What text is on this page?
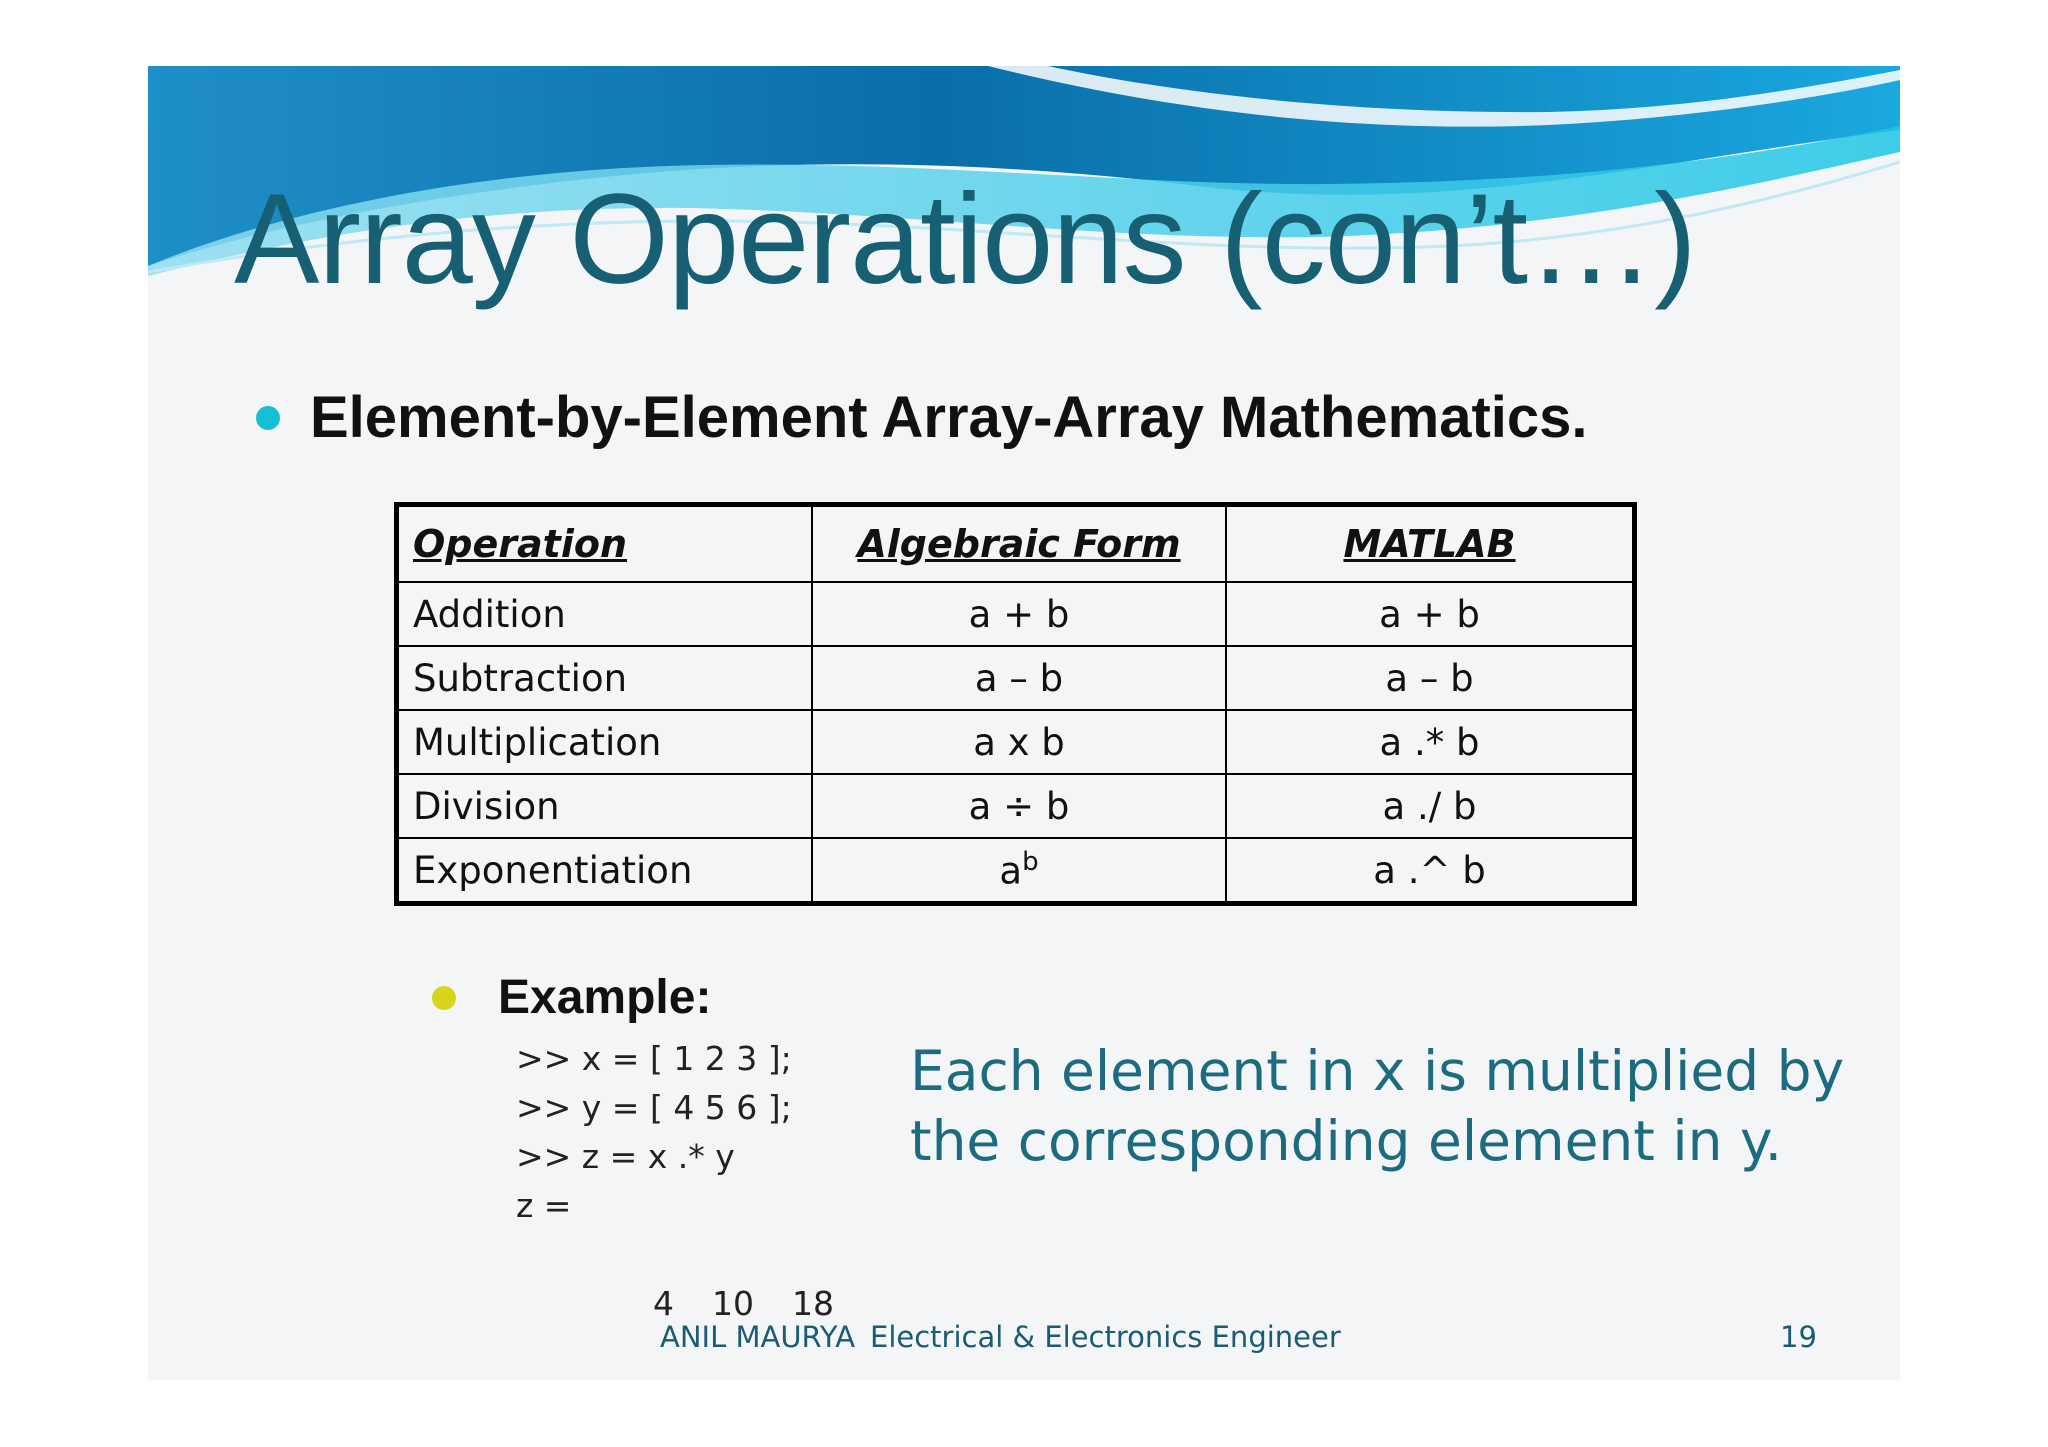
Array Operations (con’t…)
Element-by-Element Array-Array Mathematics.
Operation	Algebraic Form	MATLAB
Addition	a + b	a + b
Subtraction	a – b	a – b
Multiplication	a x b	a .* b
Division	a ÷ b	a ./ b
Exponentiation	$a^b$	a .^ b
Example:
>> x = [ 1 2 3 ];
>> y = [ 4 5 6 ];
>> z = x .* y
z =

4 10 18

Each element in x is multiplied by
the corresponding element in y.
ANIL MAURYA Electrical & Electronics Engineer	19
